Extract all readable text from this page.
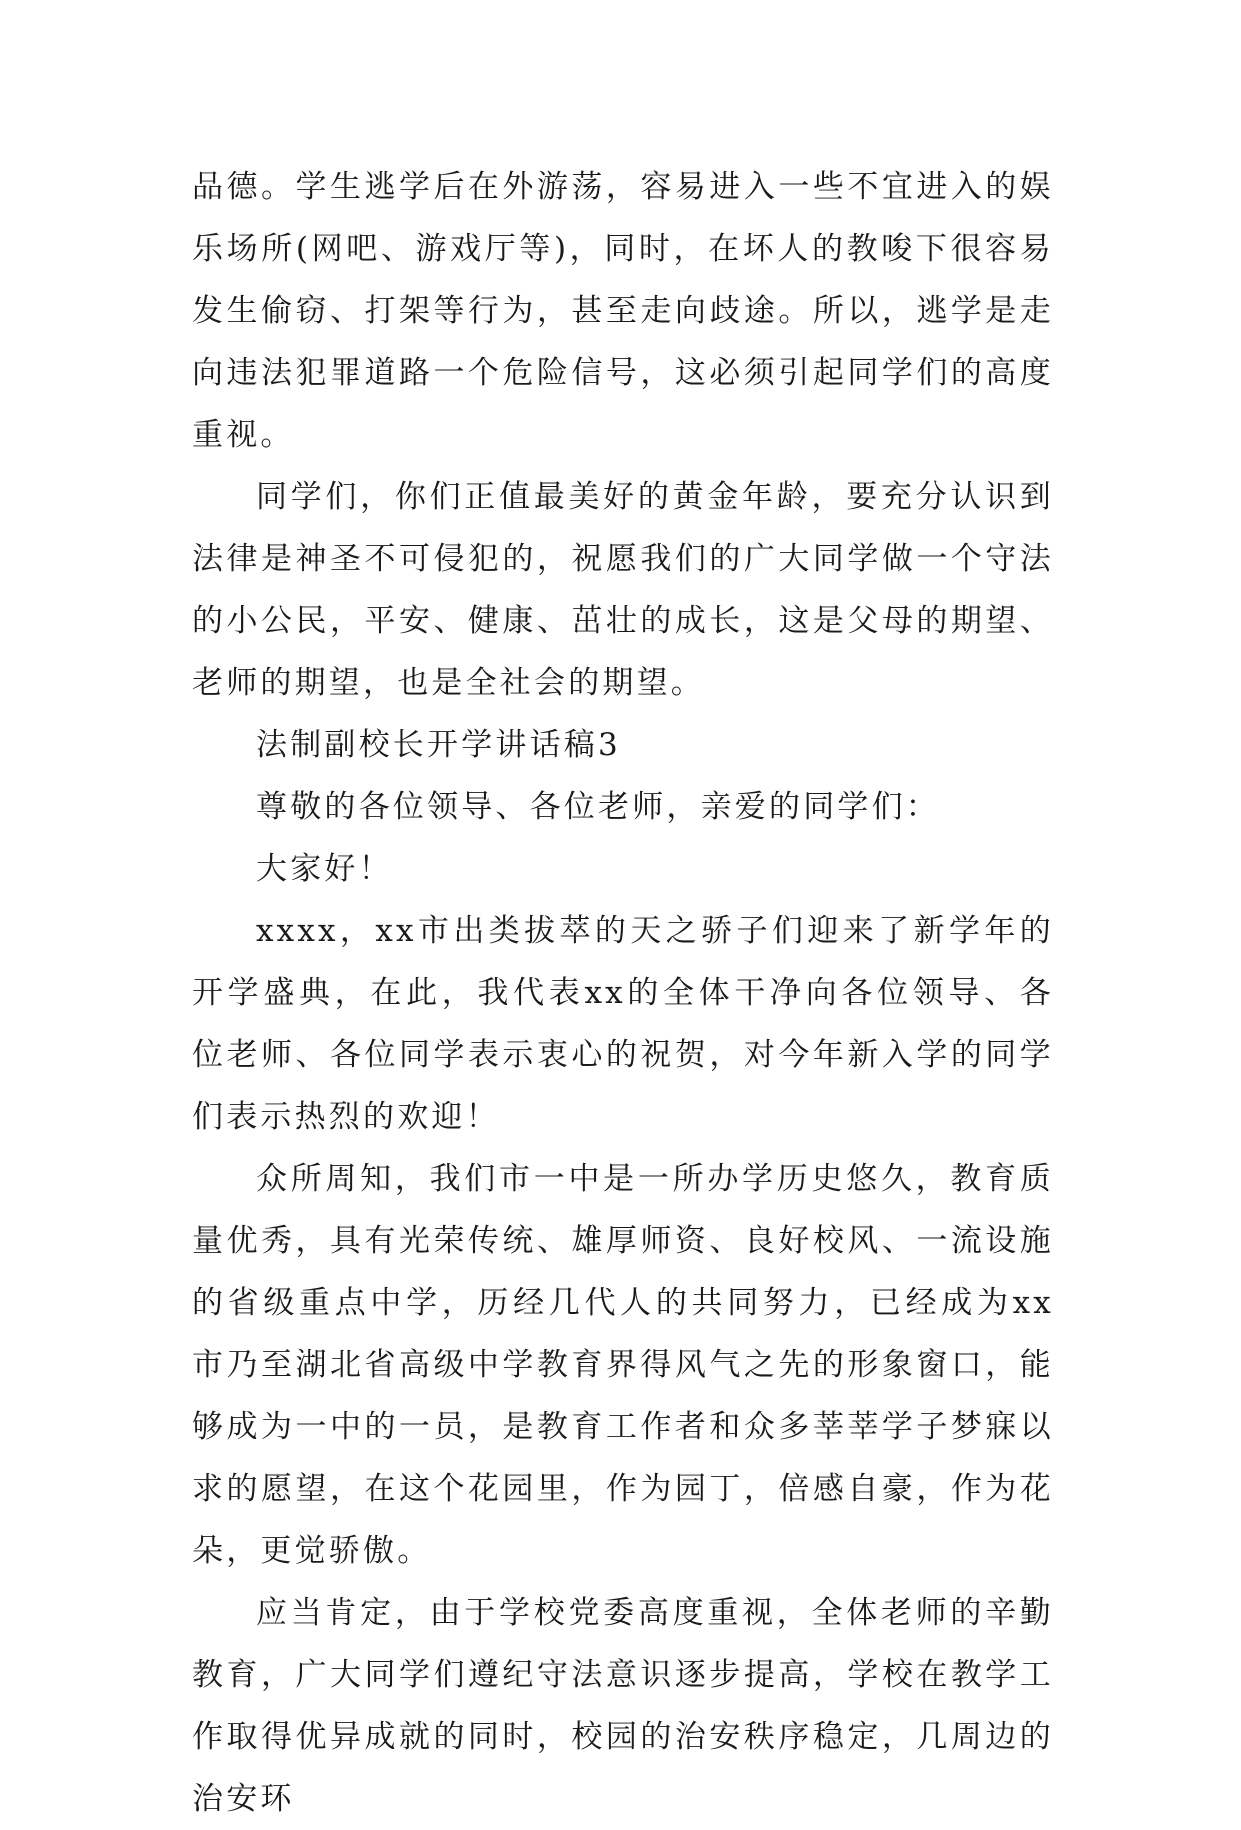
品德。学生逃学后在外游荡，容易进入一些不宜进入的娱乐场所(网吧、游戏厅等)，同时，在坏人的教唆下很容易发生偷窃、打架等行为，甚至走向歧途。所以，逃学是走向违法犯罪道路一个危险信号，这必须引起同学们的高度重视。

同学们，你们正值最美好的黄金年龄，要充分认识到法律是神圣不可侵犯的，祝愿我们的广大同学做一个守法的小公民，平安、健康、茁壮的成长，这是父母的期望、老师的期望，也是全社会的期望。

法制副校长开学讲话稿3

尊敬的各位领导、各位老师，亲爱的同学们：

大家好！

xxxx，xx市出类拔萃的天之骄子们迎来了新学年的开学盛典，在此，我代表xx的全体干净向各位领导、各位老师、各位同学表示衷心的祝贺，对今年新入学的同学们表示热烈的欢迎！

众所周知，我们市一中是一所办学历史悠久，教育质量优秀，具有光荣传统、雄厚师资、良好校风、一流设施的省级重点中学，历经几代人的共同努力，已经成为xx市乃至湖北省高级中学教育界得风气之先的形象窗口，能够成为一中的一员，是教育工作者和众多莘莘学子梦寐以求的愿望，在这个花园里，作为园丁，倍感自豪，作为花朵，更觉骄傲。

应当肯定，由于学校党委高度重视，全体老师的辛勤教育，广大同学们遵纪守法意识逐步提高，学校在教学工作取得优异成就的同时，校园的治安秩序稳定，几周边的治安环
